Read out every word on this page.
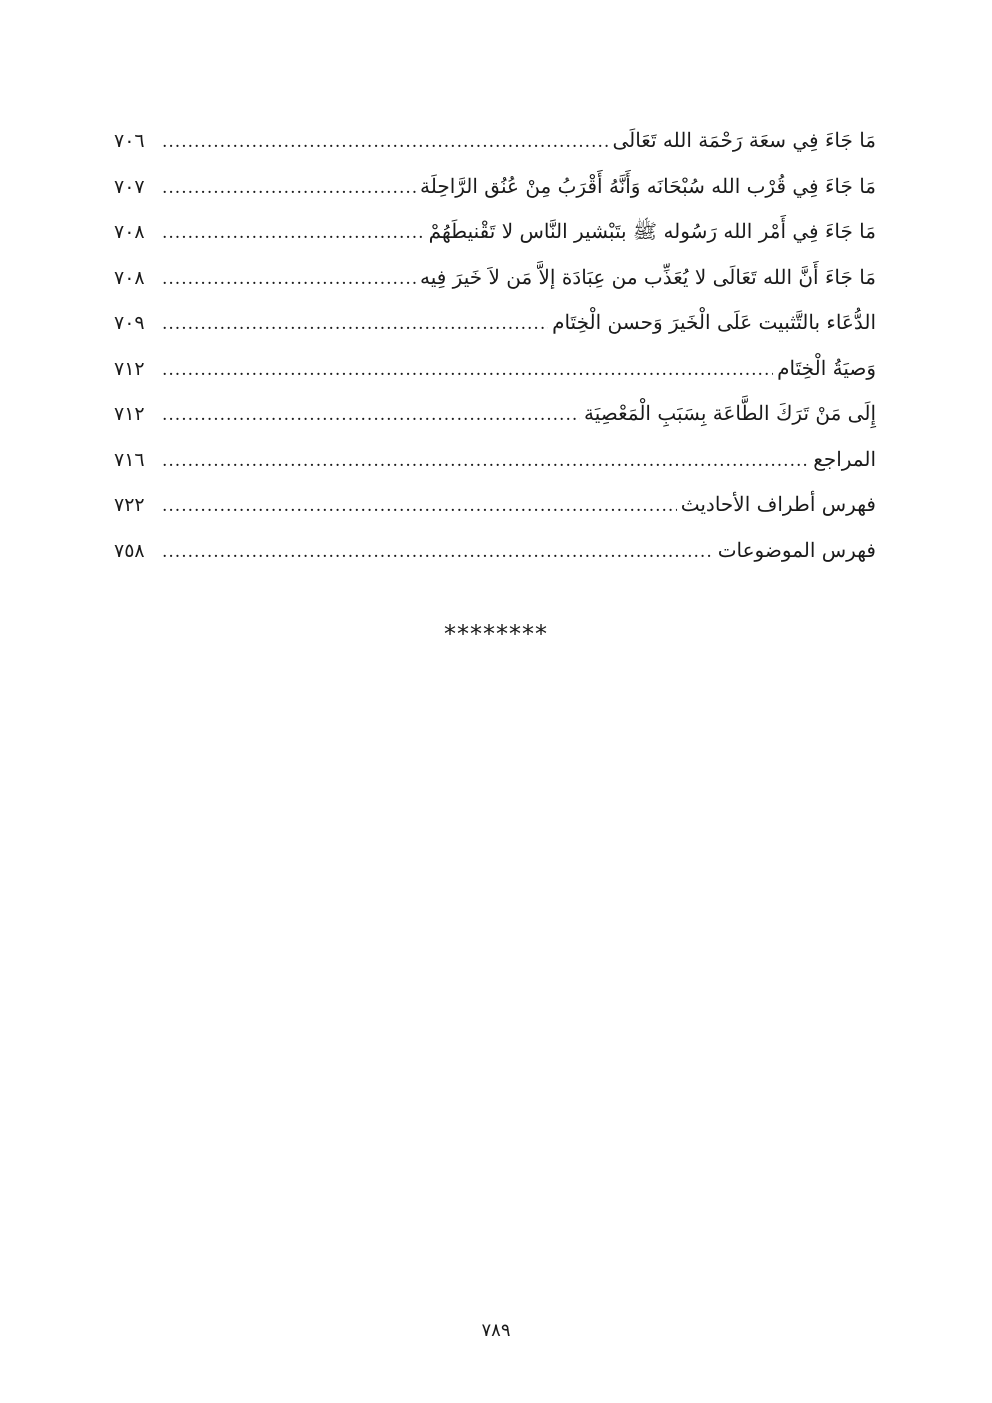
مَا جَاءَ فِي سعَة رَحْمَة الله تَعَالَى
.....
٧٠٦
مَا جَاءَ فِي قُرْب الله سُبْحَانَه وَأَنَّهُ أَقْرَبُ مِنْ عُنُق الرَّاحِلَة
.....
٧٠٧
مَا جَاءَ فِي أَمْر الله رَسُوله ﷺ بتَبْشير النَّاس لا تَقْنيطَهُمْ
.....
٧٠٨
مَا جَاءَ أَنَّ الله تَعَالَى لا يُعَذِّب من عِبَادَة إلاَّ مَن لاَ خَيرَ فِيه
.....
٧٠٨
الدُّعَاء بالتَّثبيت عَلَى الْخَيرَ وَحسن الْخِتَام
.....
٧٠٩
وَصيَةُ الْخِتَام
.....
٧١٢
إِلَى مَنْ تَرَكَ الطَّاعَة بِسَبَبِ الْمَعْصِيَة
.....
٧١٢
المراجع
.....
٧١٦
فهرس أطراف الأحاديث
.....
٧٢٢
فهرس الموضوعات
.....
٧٥٨
********
٧٨٩
